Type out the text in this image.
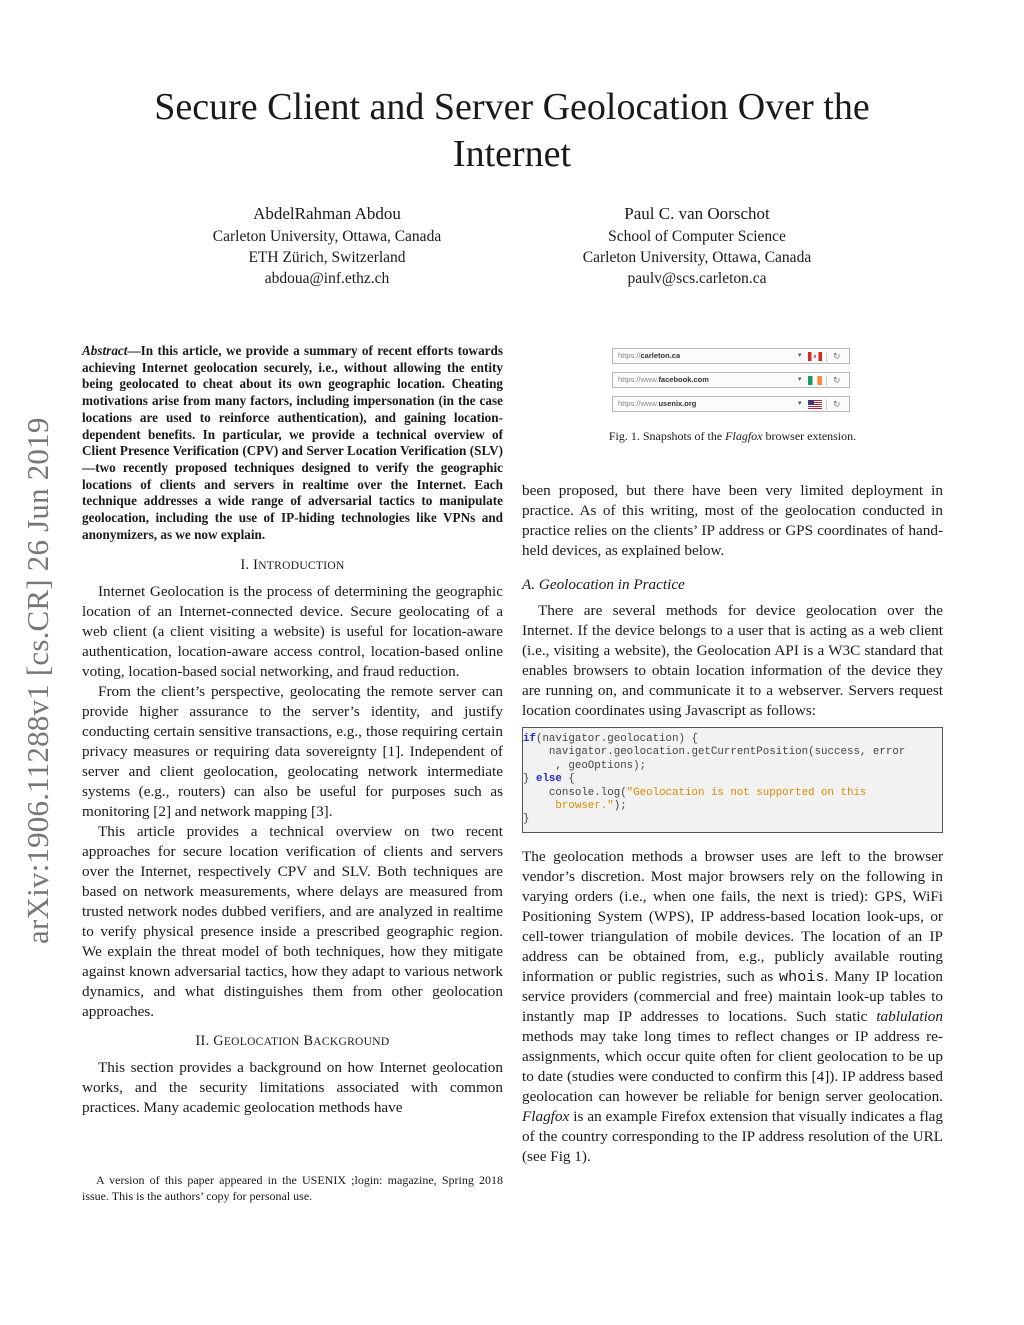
Secure Client and Server Geolocation Over the Internet
AbdelRahman Abdou
Carleton University, Ottawa, Canada
ETH Zürich, Switzerland
abdoua@inf.ethz.ch
Paul C. van Oorschot
School of Computer Science
Carleton University, Ottawa, Canada
paulv@scs.carleton.ca
arXiv:1906.11288v1 [cs.CR] 26 Jun 2019

Abstract—In this article, we provide a summary of recent efforts towards achieving Internet geolocation securely, i.e., without allowing the entity being geolocated to cheat about its own geographic location. Cheating motivations arise from many factors, including impersonation (in the case locations are used to reinforce authentication), and gaining location-dependent benefits. In particular, we provide a technical overview of Client Presence Verification (CPV) and Server Location Verification (SLV)—two recently proposed techniques designed to verify the geographic locations of clients and servers in realtime over the Internet. Each technique addresses a wide range of adversarial tactics to manipulate geolocation, including the use of IP-hiding technologies like VPNs and anonymizers, as we now explain.

I. INTRODUCTION

Internet Geolocation is the process of determining the geographic location of an Internet-connected device. Secure geolocating of a web client (a client visiting a website) is useful for location-aware authentication, location-aware access control, location-based online voting, location-based social networking, and fraud reduction.

From the client’s perspective, geolocating the remote server can provide higher assurance to the server’s identity, and justify conducting certain sensitive transactions, e.g., those requiring certain privacy measures or requiring data sovereignty [1]. Independent of server and client geolocation, geolocating network intermediate systems (e.g., routers) can also be useful for purposes such as monitoring [2] and network mapping [3].

This article provides a technical overview on two recent approaches for secure location verification of clients and servers over the Internet, respectively CPV and SLV. Both techniques are based on network measurements, where delays are measured from trusted network nodes dubbed verifiers, and are analyzed in realtime to verify physical presence inside a prescribed geographic region. We explain the threat model of both techniques, how they mitigate against known adversarial tactics, how they adapt to various network dynamics, and what distinguishes them from other geolocation approaches.

II. GEOLOCATION BACKGROUND

This section provides a background on how Internet geolocation works, and the security limitations associated with common practices. Many academic geolocation methods have

A version of this paper appeared in the USENIX ;login: magazine, Spring 2018 issue. This is the authors’ copy for personal use.
https://carleton.ca	▾	↻
https://www.facebook.com	▾	↻
https://www.usenix.org	▾	↻
Fig. 1. Snapshots of the Flagfox browser extension.

been proposed, but there have been very limited deployment in practice. As of this writing, most of the geolocation conducted in practice relies on the clients’ IP address or GPS coordinates of hand-held devices, as explained below.

A. Geolocation in Practice

There are several methods for device geolocation over the Internet. If the device belongs to a user that is acting as a web client (i.e., visiting a website), the Geolocation API is a W3C standard that enables browsers to obtain location information of the device they are running on, and communicate it to a webserver. Servers request location coordinates using Javascript as follows:

if(navigator.geolocation) {
navigator.geolocation.getCurrentPosition(success, error
, geoOptions);
} else {
console.log("Geolocation is not supported on this
browser.");
}

The geolocation methods a browser uses are left to the browser vendor’s discretion. Most major browsers rely on the following in varying orders (i.e., when one fails, the next is tried): GPS, WiFi Positioning System (WPS), IP address-based location look-ups, or cell-tower triangulation of mobile devices. The location of an IP address can be obtained from, e.g., publicly available routing information or public registries, such as whois. Many IP location service providers (commercial and free) maintain look-up tables to instantly map IP addresses to locations. Such static tablulation methods may take long times to reflect changes or IP address re-assignments, which occur quite often for client geolocation to be up to date (studies were conducted to confirm this [4]). IP address based geolocation can however be reliable for benign server geolocation. Flagfox is an example Firefox extension that visually indicates a flag of the country corresponding to the IP address resolution of the URL (see Fig 1).
